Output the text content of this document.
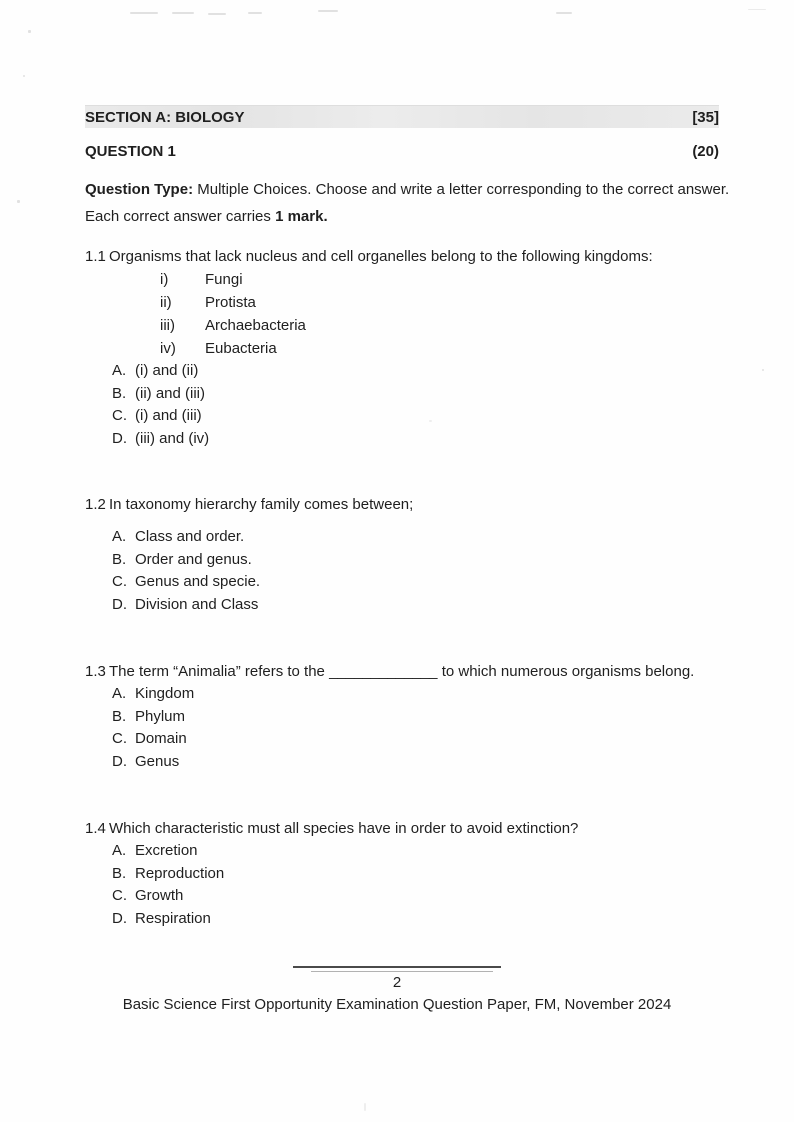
SECTION A: BIOLOGY	[35]
QUESTION 1	(20)

Question Type: Multiple Choices. Choose and write a letter corresponding to the correct answer. Each correct answer carries 1 mark.

1.1 Organisms that lack nucleus and cell organelles belong to the following kingdoms:
i)	Fungi
ii)	Protista
iii)	Archaebacteria
iv)	Eubacteria
A. (i) and (ii)
B. (ii) and (iii)
C. (i) and (iii)
D. (iii) and (iv)
1.2 In taxonomy hierarchy family comes between;
A. Class and order.
B. Order and genus.
C. Genus and specie.
D. Division and Class
1.3 The term “Animalia” refers to the _____________ to which numerous organisms belong.
A. Kingdom
B. Phylum
C. Domain
D. Genus
1.4 Which characteristic must all species have in order to avoid extinction?
A. Excretion
B. Reproduction
C. Growth
D. Respiration
2
Basic Science First Opportunity Examination Question Paper, FM, November 2024
